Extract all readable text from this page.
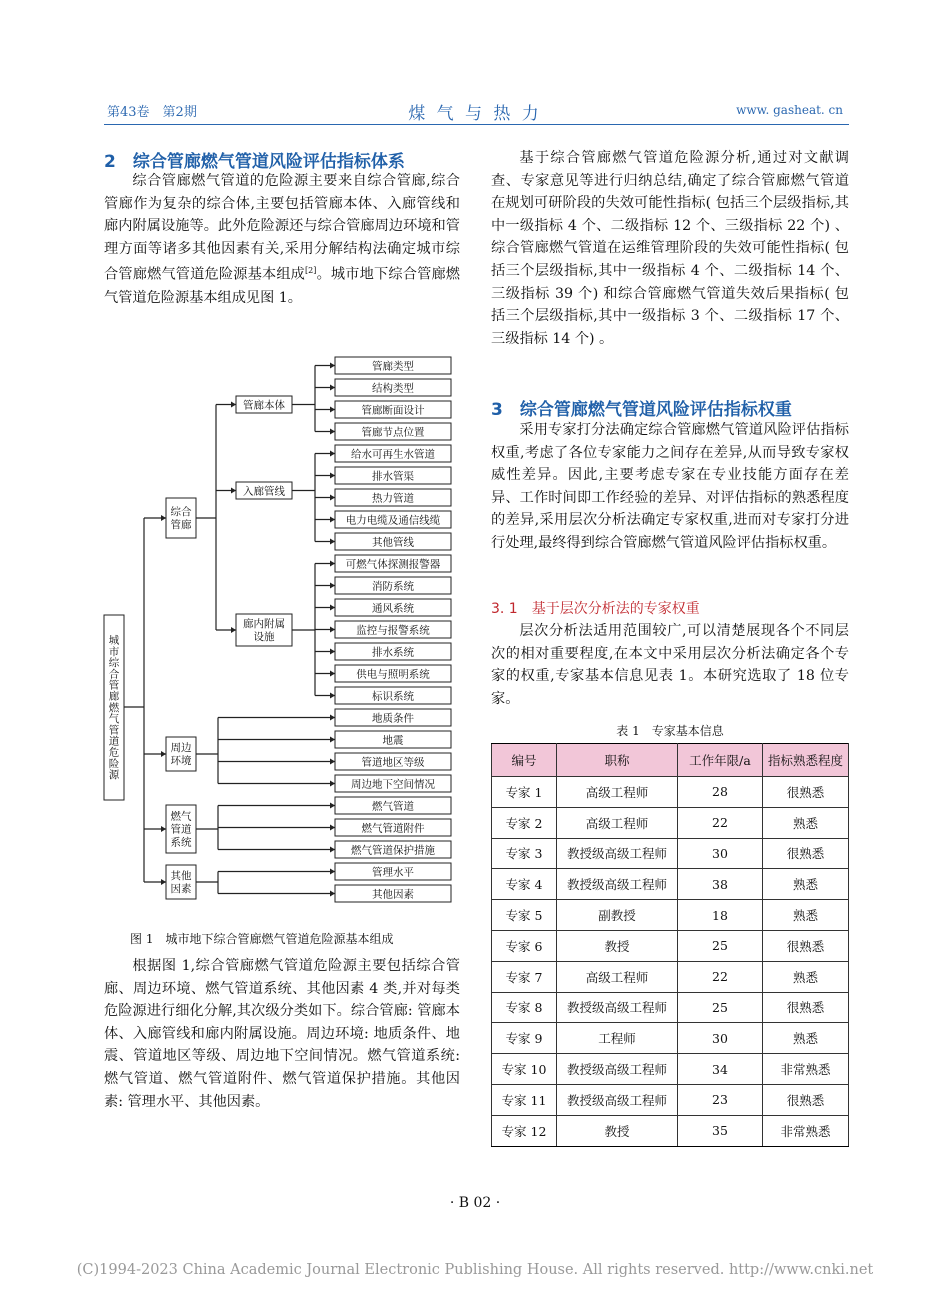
第43卷　第2期	煤 气 与 热 力	www. gasheat. cn
2　综合管廊燃气管道风险评估指标体系
综合管廊燃气管道的危险源主要来自综合管廊,综合管廊作为复杂的综合体,主要包括管廊本体、入廊管线和廊内附属设施等。此外危险源还与综合管廊周边环境和管理方面等诸多其他因素有关,采用分解结构法确定城市综合管廊燃气管道危险源基本组成[2]。城市地下综合管廊燃气管道危险源基本组成见图 1。
城市综合管廊燃气管道危险源
综合管廊
周边环境
燃气管道系统
其他因素
管廊本体
管廊类型
结构类型
管廊断面设计
管廊节点位置
入廊管线
给水可再生水管道
排水管渠
热力管道
电力电缆及通信线缆
其他管线
廊内附属设施
可燃气体探测报警器
消防系统
通风系统
监控与报警系统
排水系统
供电与照明系统
标识系统
地质条件
地震
管道地区等级
周边地下空间情况
燃气管道
燃气管道附件
燃气管道保护措施
管理水平
其他因素
图 1　城市地下综合管廊燃气管道危险源基本组成
根据图 1,综合管廊燃气管道危险源主要包括综合管廊、周边环境、燃气管道系统、其他因素 4 类,并对每类危险源进行细化分解,其次级分类如下。综合管廊: 管廊本体、入廊管线和廊内附属设施。周边环境: 地质条件、地震、管道地区等级、周边地下空间情况。燃气管道系统: 燃气管道、燃气管道附件、燃气管道保护措施。其他因素: 管理水平、其他因素。
基于综合管廊燃气管道危险源分析,通过对文献调查、专家意见等进行归纳总结,确定了综合管廊燃气管道在规划可研阶段的失效可能性指标( 包括三个层级指标,其中一级指标 4 个、二级指标 12 个、三级指标 22 个) 、综合管廊燃气管道在运维管理阶段的失效可能性指标( 包括三个层级指标,其中一级指标 4 个、二级指标 14 个、三级指标 39 个) 和综合管廊燃气管道失效后果指标( 包括三个层级指标,其中一级指标 3 个、二级指标 17 个、三级指标 14 个) 。
3　综合管廊燃气管道风险评估指标权重
采用专家打分法确定综合管廊燃气管道风险评估指标权重,考虑了各位专家能力之间存在差异,从而导致专家权威性差异。因此,主要考虑专家在专业技能方面存在差异、工作时间即工作经验的差异、对评估指标的熟悉程度的差异,采用层次分析法确定专家权重,进而对专家打分进行处理,最终得到综合管廊燃气管道风险评估指标权重。
3. 1　基于层次分析法的专家权重
层次分析法适用范围较广,可以清楚展现各个不同层次的相对重要程度,在本文中采用层次分析法确定各个专家的权重,专家基本信息见表 1。本研究选取了 18 位专家。
表 1　专家基本信息
编号	职称	工作年限/a	指标熟悉程度
专家 1	高级工程师	28	很熟悉
专家 2	高级工程师	22	熟悉
专家 3	教授级高级工程师	30	很熟悉
专家 4	教授级高级工程师	38	熟悉
专家 5	副教授	18	熟悉
专家 6	教授	25	很熟悉
专家 7	高级工程师	22	熟悉
专家 8	教授级高级工程师	25	很熟悉
专家 9	工程师	30	熟悉
专家 10	教授级高级工程师	34	非常熟悉
专家 11	教授级高级工程师	23	很熟悉
专家 12	教授	35	非常熟悉
· B 02 ·
(C)1994-2023 China Academic Journal Electronic Publishing House. All rights reserved. http://www.cnki.net
